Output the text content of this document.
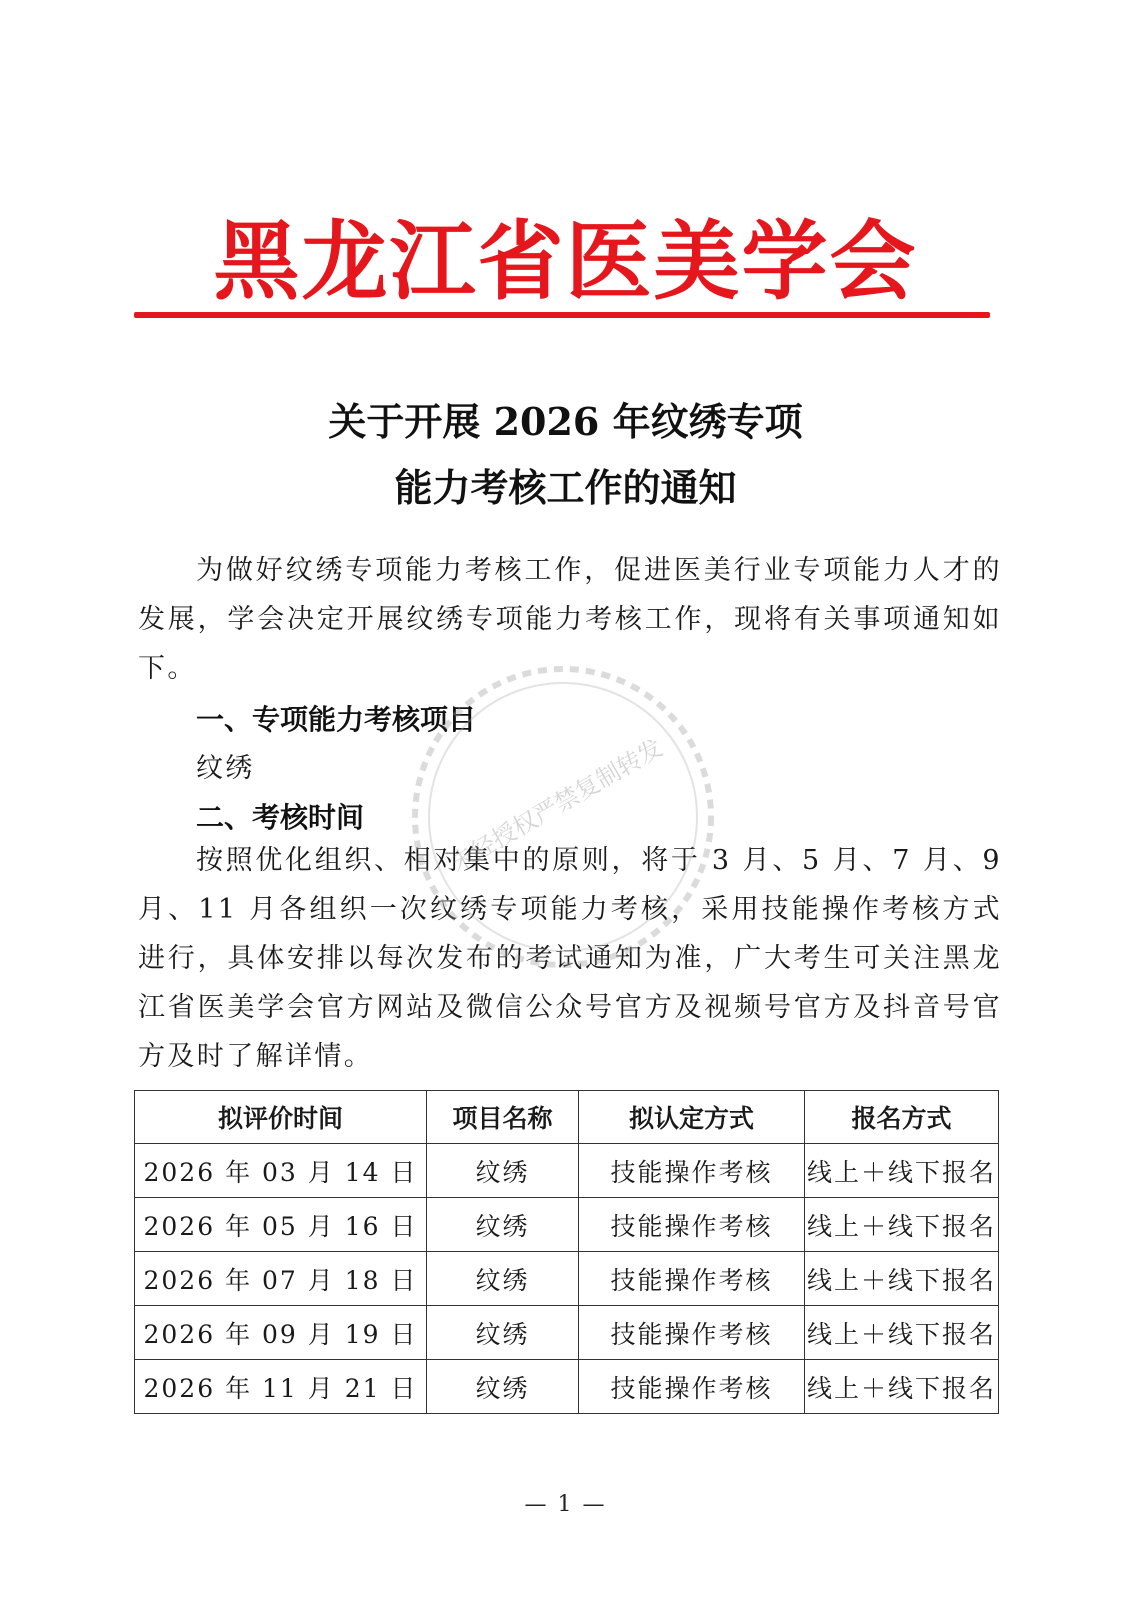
黑龙江省医美学会
关于开展 2026 年纹绣专项
能力考核工作的通知
为做好纹绣专项能力考核工作，促进医美行业专项能力人才的发展，学会决定开展纹绣专项能力考核工作，现将有关事项通知如下。
一、专项能力考核项目
纹绣
二、考核时间
按照优化组织、相对集中的原则，将于 3 月、5 月、7 月、9 月、11 月各组织一次纹绣专项能力考核，采用技能操作考核方式进行，具体安排以每次发布的考试通知为准，广大考生可关注黑龙江省医美学会官方网站及微信公众号官方及视频号官方及抖音号官方及时了解详情。
拟评价时间	项目名称	拟认定方式	报名方式
2026 年 03 月 14 日	纹绣	技能操作考核	线上＋线下报名
2026 年 05 月 16 日	纹绣	技能操作考核	线上＋线下报名
2026 年 07 月 18 日	纹绣	技能操作考核	线上＋线下报名
2026 年 09 月 19 日	纹绣	技能操作考核	线上＋线下报名
2026 年 11 月 21 日	纹绣	技能操作考核	线上＋线下报名
未经授权严禁复制转发
— 1 —
